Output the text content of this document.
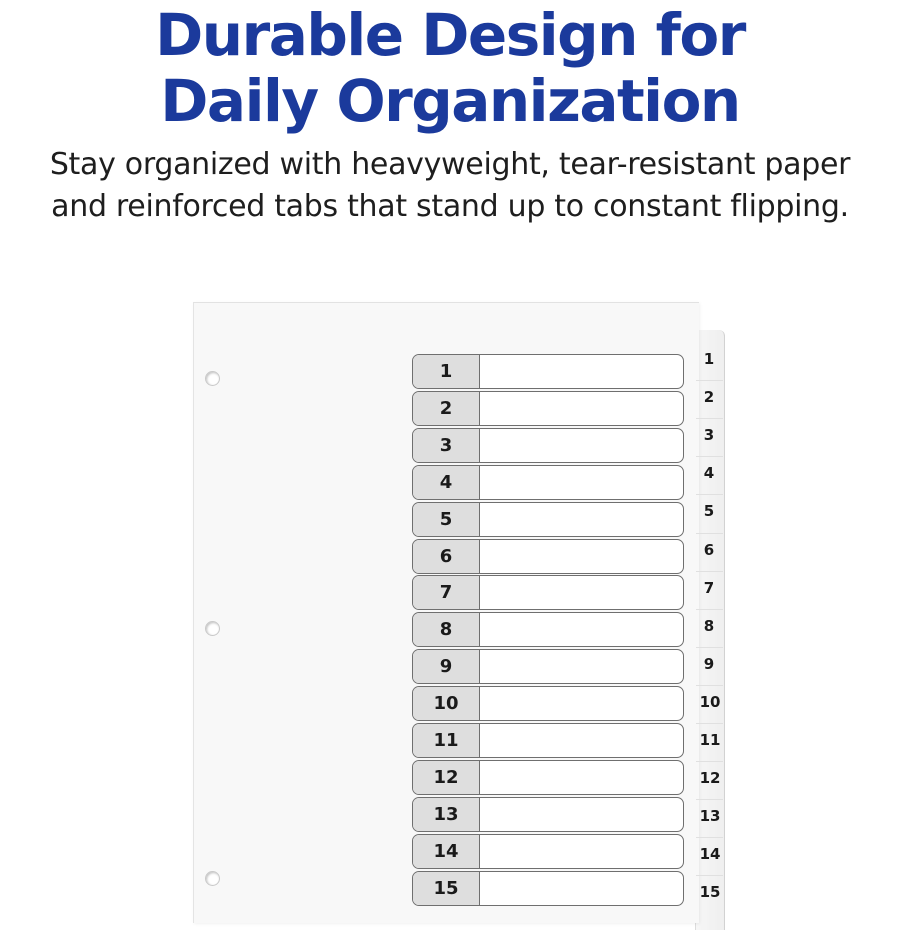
Durable Design for
Daily Organization

Stay organized with heavyweight, tear-resistant paper
and reinforced tabs that stand up to constant flipping.

1
2
3
4
5
6
7
8
9
10
11
12
13
14
15
1
2
3
4
5
6
7
8
9
10
11
12
13
14
15
